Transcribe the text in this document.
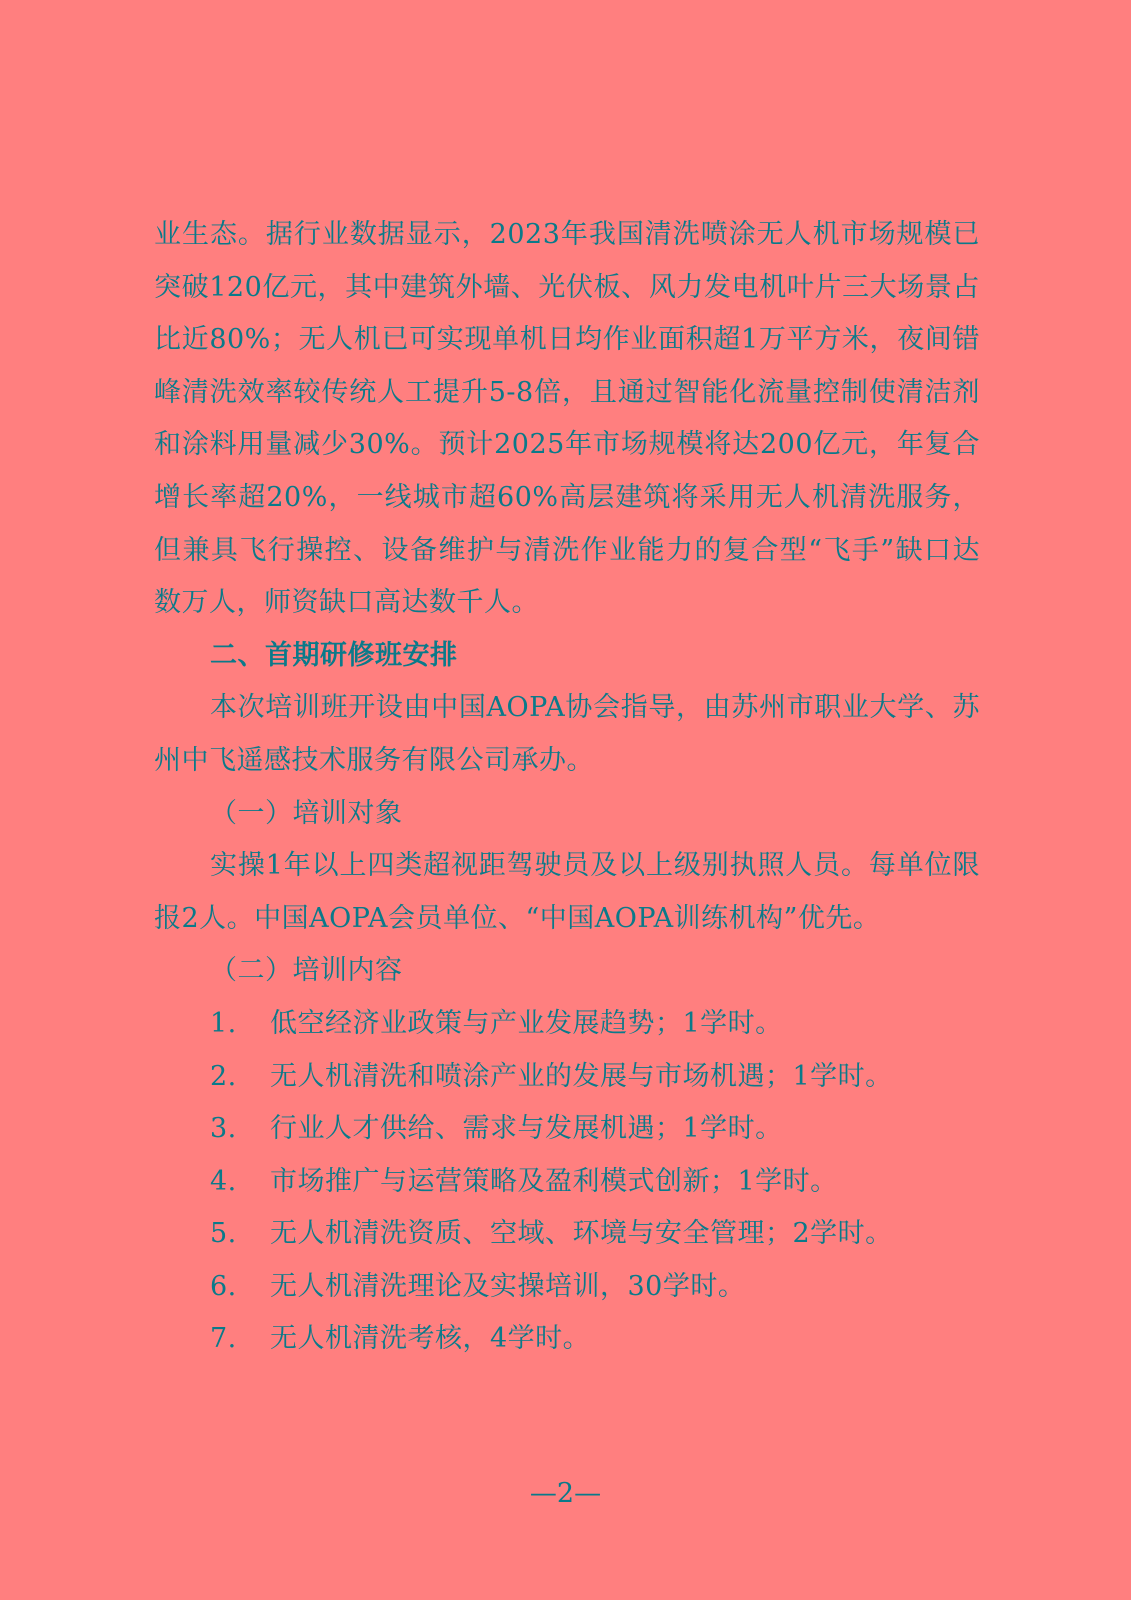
业生态。据行业数据显示，2023年我国清洗喷涂无人机市场规模已突破120亿元，其中建筑外墙、光伏板、风力发电机叶片三大场景占比近80%；无人机已可实现单机日均作业面积超1万平方米，夜间错峰清洗效率较传统人工提升5-8倍，且通过智能化流量控制使清洁剂和涂料用量减少30%。预计2025年市场规模将达200亿元，年复合增长率超20%，一线城市超60%高层建筑将采用无人机清洗服务，但兼具飞行操控、设备维护与清洗作业能力的复合型“飞手”缺口达数万人，师资缺口高达数千人。

二、首期研修班安排

本次培训班开设由中国AOPA协会指导，由苏州市职业大学、苏州中飞遥感技术服务有限公司承办。

（一）培训对象

实操1年以上四类超视距驾驶员及以上级别执照人员。每单位限报2人。中国AOPA会员单位、“中国AOPA训练机构”优先。

（二）培训内容

1.	低空经济业政策与产业发展趋势；1学时。

2.	无人机清洗和喷涂产业的发展与市场机遇；1学时。

3.	行业人才供给、需求与发展机遇；1学时。

4.	市场推广与运营策略及盈利模式创新；1学时。

5.	无人机清洗资质、空域、环境与安全管理；2学时。

6.	无人机清洗理论及实操培训，30学时。

7.	无人机清洗考核，4学时。

—2—
